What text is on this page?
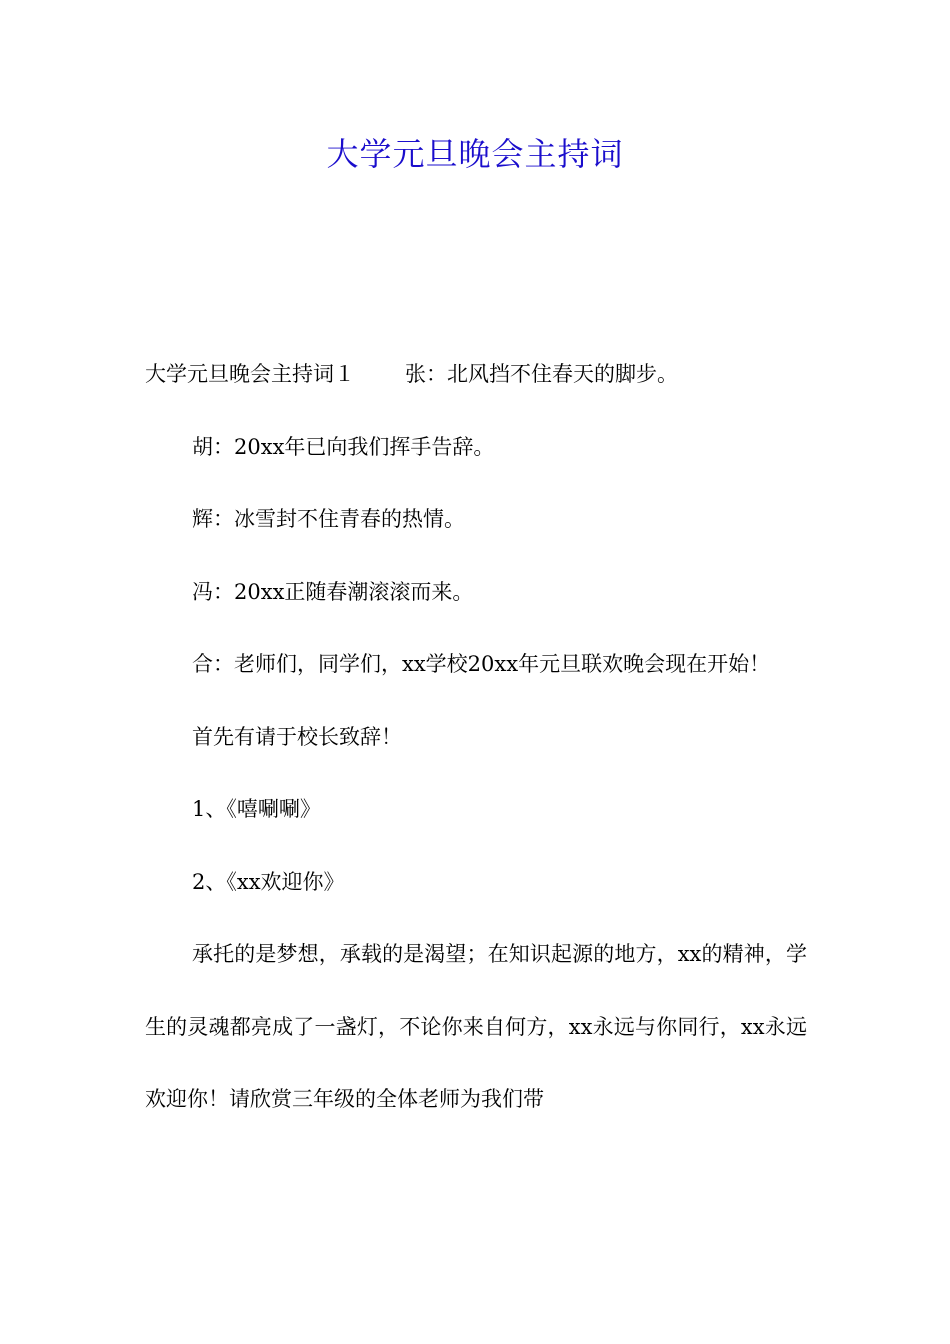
大学元旦晚会主持词

大学元旦晚会主持词１ 张：北风挡不住春天的脚步。

胡：20xx年已向我们挥手告辞。

辉：冰雪封不住青春的热情。

冯：20xx正随春潮滚滚而来。

合：老师们，同学们，xx学校20xx年元旦联欢晚会现在开始！

首先有请于校长致辞！

1、《嘻唰唰》

2、《xx欢迎你》

承托的是梦想，承载的是渴望；在知识起源的地方，xx的精神，学生的灵魂都亮成了一盏灯，不论你来自何方，xx永远与你同行，xx永远欢迎你！请欣赏三年级的全体老师为我们带
